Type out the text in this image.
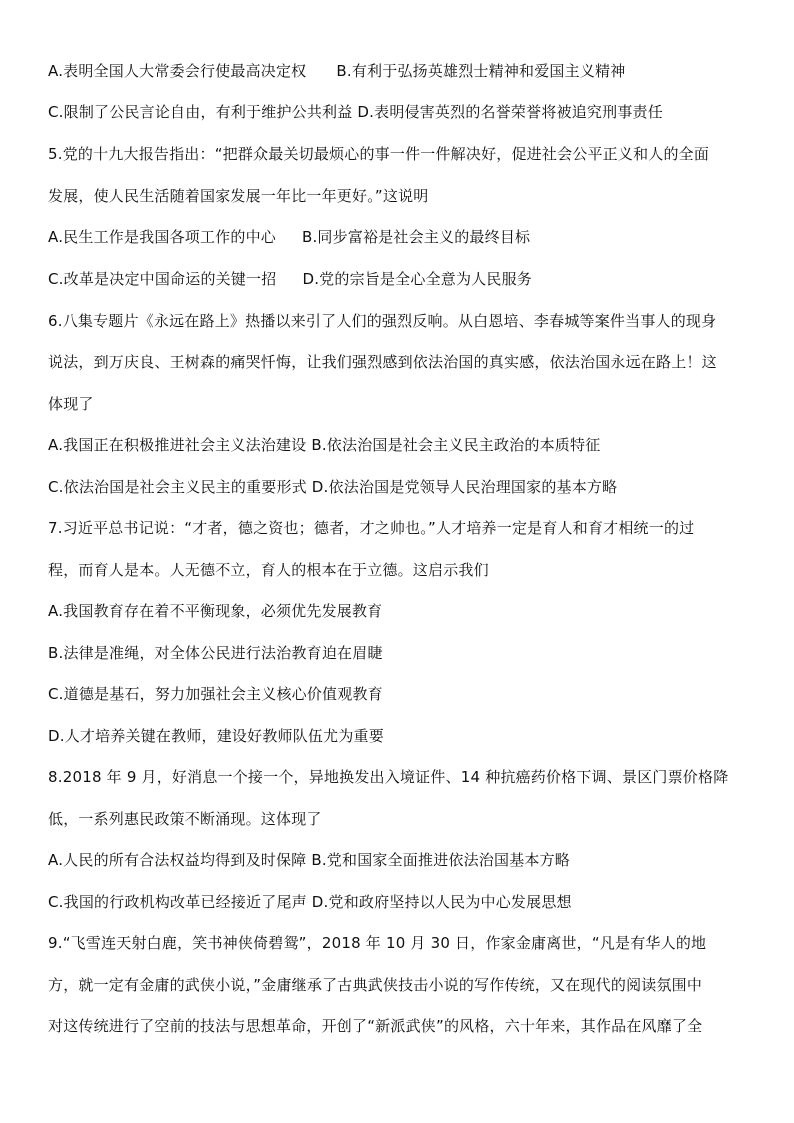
A.表明全国人大常委会行使最高决定权 B.有利于弘扬英雄烈士精神和爱国主义精神
C.限制了公民言论自由，有利于维护公共利益 D.表明侵害英烈的名誉荣誉将被追究刑事责任
5.党的十九大报告指出：“把群众最关切最烦心的事一件一件解决好，促进社会公平正义和人的全面
发展，使人民生活随着国家发展一年比一年更好。”这说明
A.民生工作是我国各项工作的中心 B.同步富裕是社会主义的最终目标
C.改革是决定中国命运的关键一招 D.党的宗旨是全心全意为人民服务
6.八集专题片《永远在路上》热播以来引了人们的强烈反响。从白恩培、李春城等案件当事人的现身
说法，到万庆良、王树森的痛哭忏悔，让我们强烈感到依法治国的真实感，依法治国永远在路上！这
体现了
A.我国正在积极推进社会主义法治建设 B.依法治国是社会主义民主政治的本质特征
C.依法治国是社会主义民主的重要形式 D.依法治国是党领导人民治理国家的基本方略
7.习近平总书记说：“才者，德之资也；德者，才之帅也。”人才培养一定是育人和育才相统一的过
程，而育人是本。人无德不立，育人的根本在于立德。这启示我们
A.我国教育存在着不平衡现象，必须优先发展教育
B.法律是准绳，对全体公民进行法治教育迫在眉睫
C.道德是基石，努力加强社会主义核心价值观教育
D.人才培养关键在教师，建设好教师队伍尤为重要
8.2018 年 9 月，好消息一个接一个，异地换发出入境证件、14 种抗癌药价格下调、景区门票价格降
低，一系列惠民政策不断涌现。这体现了
A.人民的所有合法权益均得到及时保障 B.党和国家全面推进依法治国基本方略
C.我国的行政机构改革已经接近了尾声 D.党和政府坚持以人民为中心发展思想
9.“飞雪连天射白鹿，笑书神侠倚碧鸳”，2018 年 10 月 30 日，作家金庸离世，“凡是有华人的地
方，就一定有金庸的武侠小说，”金庸继承了古典武侠技击小说的写作传统，又在现代的阅读氛围中
对这传统进行了空前的技法与思想革命，开创了“新派武侠”的风格，六十年来，其作品在风靡了全
